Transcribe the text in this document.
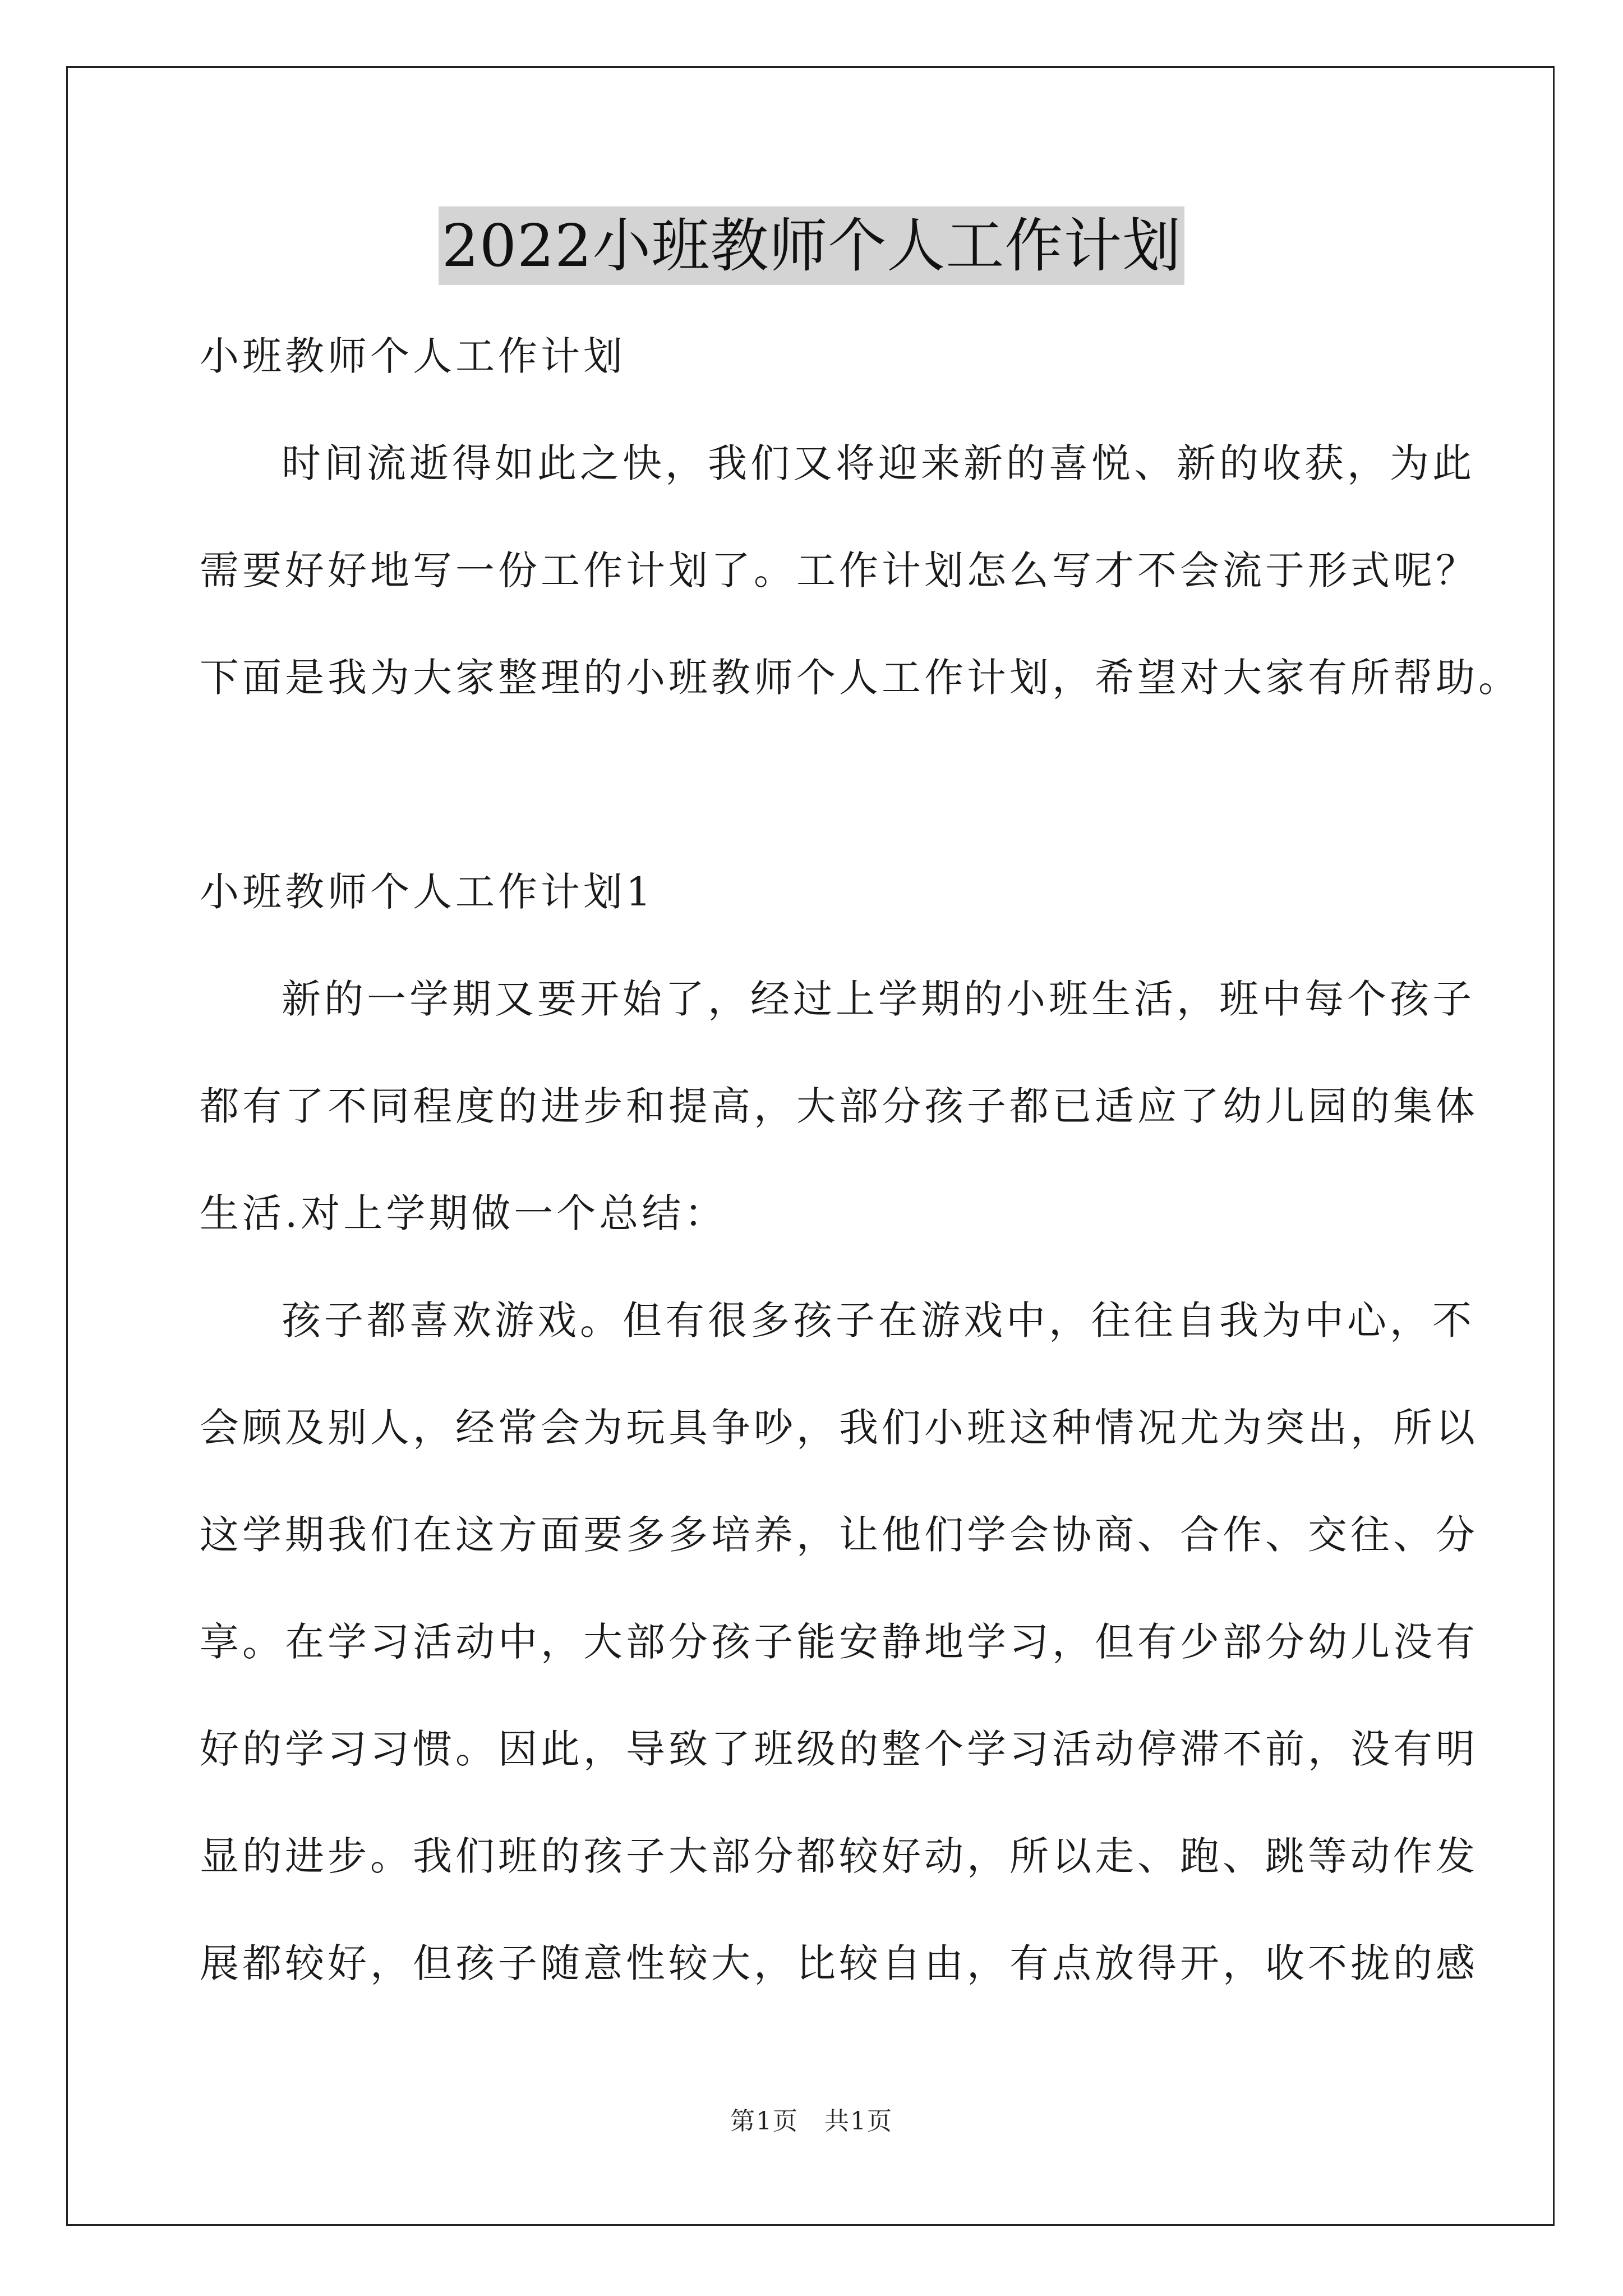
2022小班教师个人工作计划
小班教师个人工作计划
时间流逝得如此之快，我们又将迎来新的喜悦、新的收获，为此
需要好好地写一份工作计划了。工作计划怎么写才不会流于形式呢？
下面是我为大家整理的小班教师个人工作计划，希望对大家有所帮助。
小班教师个人工作计划1
新的一学期又要开始了，经过上学期的小班生活，班中每个孩子
都有了不同程度的进步和提高，大部分孩子都已适应了幼儿园的集体
生活.对上学期做一个总结：
孩子都喜欢游戏。但有很多孩子在游戏中，往往自我为中心，不
会顾及别人，经常会为玩具争吵，我们小班这种情况尤为突出，所以
这学期我们在这方面要多多培养，让他们学会协商、合作、交往、分
享。在学习活动中，大部分孩子能安静地学习，但有少部分幼儿没有
好的学习习惯。因此，导致了班级的整个学习活动停滞不前，没有明
显的进步。我们班的孩子大部分都较好动，所以走、跑、跳等动作发
展都较好，但孩子随意性较大，比较自由，有点放得开，收不拢的感
第1页　共1页
